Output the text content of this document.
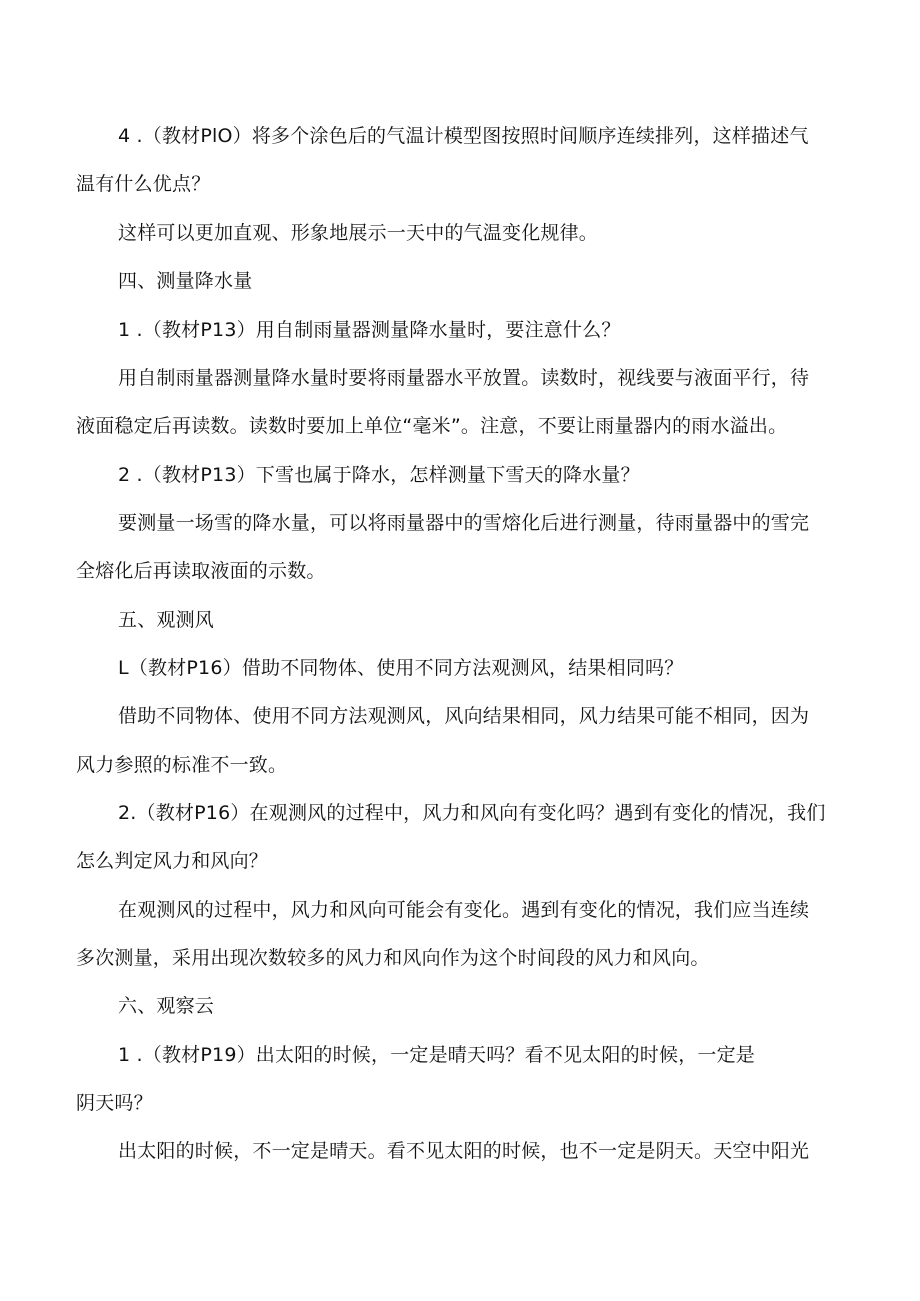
4 .（教材PlO）将多个涂色后的气温计模型图按照时间顺序连续排列，这样描述气
温有什么优点？
这样可以更加直观、形象地展示一天中的气温变化规律。
四、测量降水量
1 .（教材P13）用自制雨量器测量降水量时，要注意什么？
用自制雨量器测量降水量时要将雨量器水平放置。读数时，视线要与液面平行，待
液面稳定后再读数。读数时要加上单位“毫米”。注意，不要让雨量器内的雨水溢出。
2 .（教材P13）下雪也属于降水，怎样测量下雪天的降水量？
要测量一场雪的降水量，可以将雨量器中的雪熔化后进行测量，待雨量器中的雪完
全熔化后再读取液面的示数。
五、观测风
L（教材P16）借助不同物体、使用不同方法观测风，结果相同吗？
借助不同物体、使用不同方法观测风，风向结果相同，风力结果可能不相同，因为
风力参照的标准不一致。
2.（教材P16）在观测风的过程中，风力和风向有变化吗？遇到有变化的情况，我们
怎么判定风力和风向？
在观测风的过程中，风力和风向可能会有变化。遇到有变化的情况，我们应当连续
多次测量，采用出现次数较多的风力和风向作为这个时间段的风力和风向。
六、观察云
1 .（教材P19）出太阳的时候，一定是晴天吗？看不见太阳的时候，一定是
阴天吗？
出太阳的时候，不一定是晴天。看不见太阳的时候，也不一定是阴天。天空中阳光
